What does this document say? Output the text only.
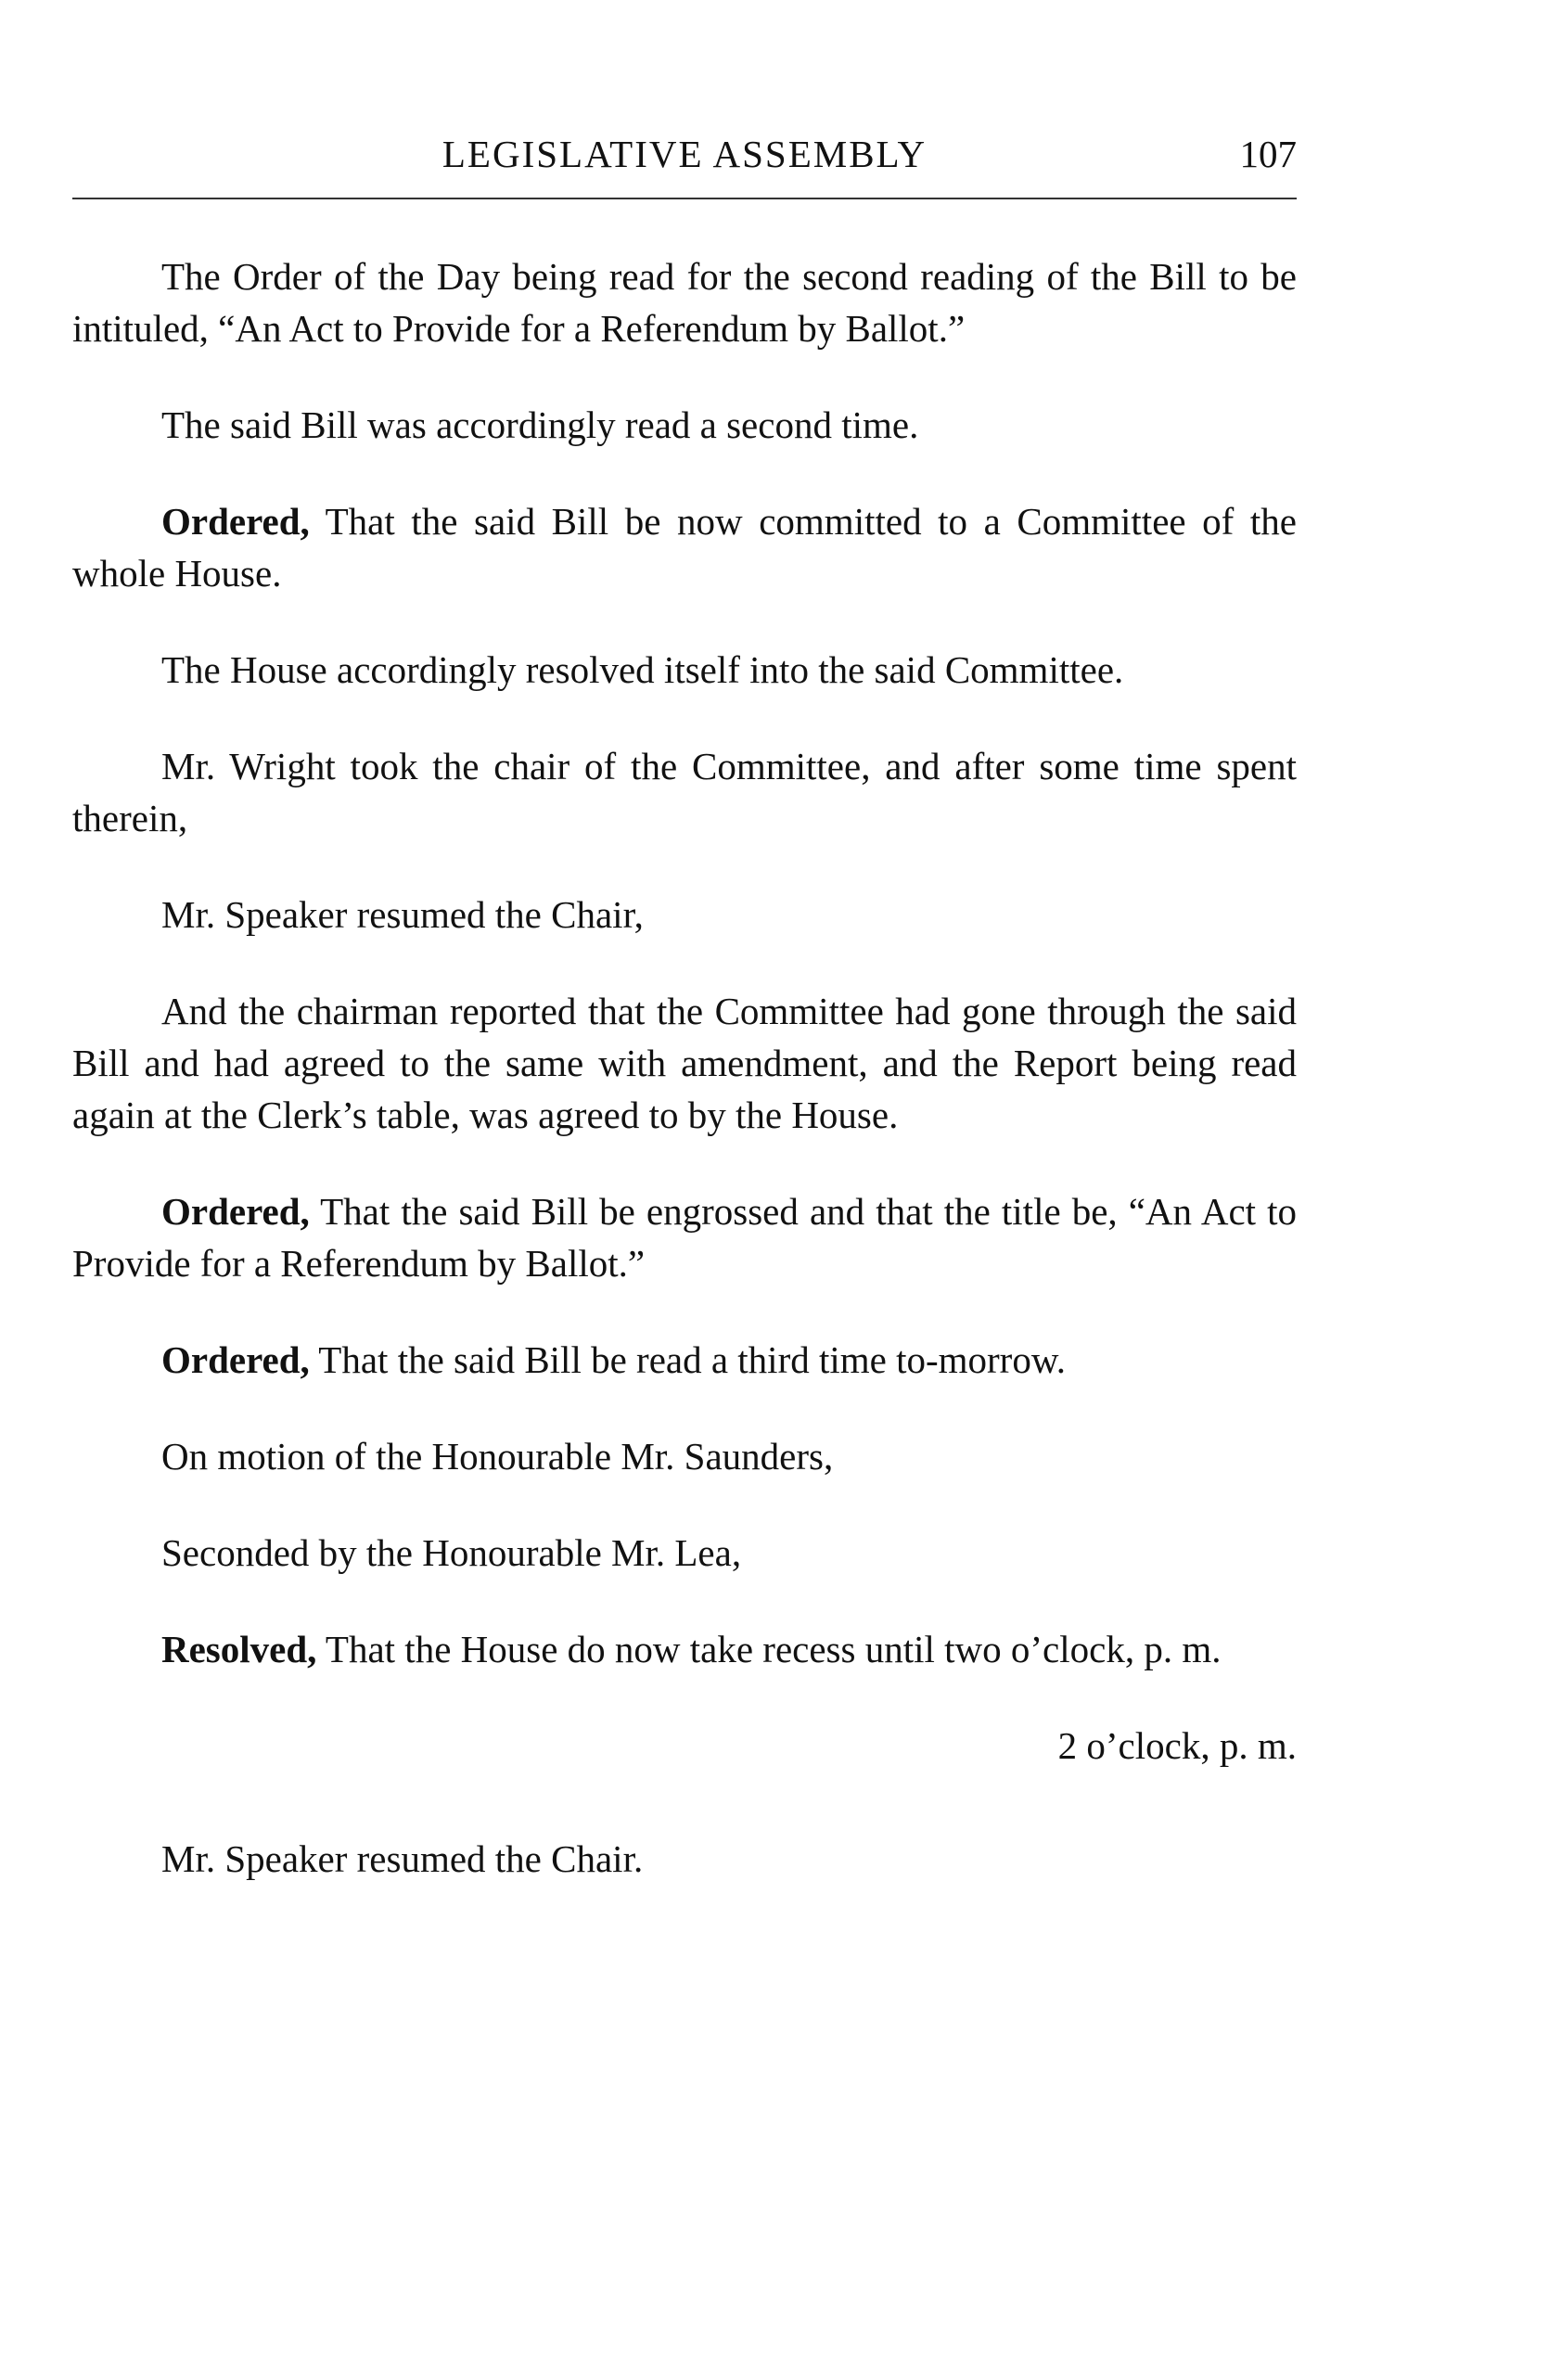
LEGISLATIVE ASSEMBLY	107

The Order of the Day being read for the second reading of the Bill to be intituled, “An Act to Provide for a Referendum by Ballot.”

The said Bill was accordingly read a second time.

Ordered, That the said Bill be now committed to a Committee of the whole House.

The House accordingly resolved itself into the said Committee.

Mr. Wright took the chair of the Committee, and after some time spent therein,

Mr. Speaker resumed the Chair,

And the chairman reported that the Committee had gone through the said Bill and had agreed to the same with amendment, and the Report being read again at the Clerk’s table, was agreed to by the House.

Ordered, That the said Bill be engrossed and that the title be, “An Act to Provide for a Referendum by Ballot.”

Ordered, That the said Bill be read a third time to-morrow.

On motion of the Honourable Mr. Saunders,

Seconded by the Honourable Mr. Lea,

Resolved, That the House do now take recess until two o’clock, p. m.

2 o’clock, p. m.

Mr. Speaker resumed the Chair.
